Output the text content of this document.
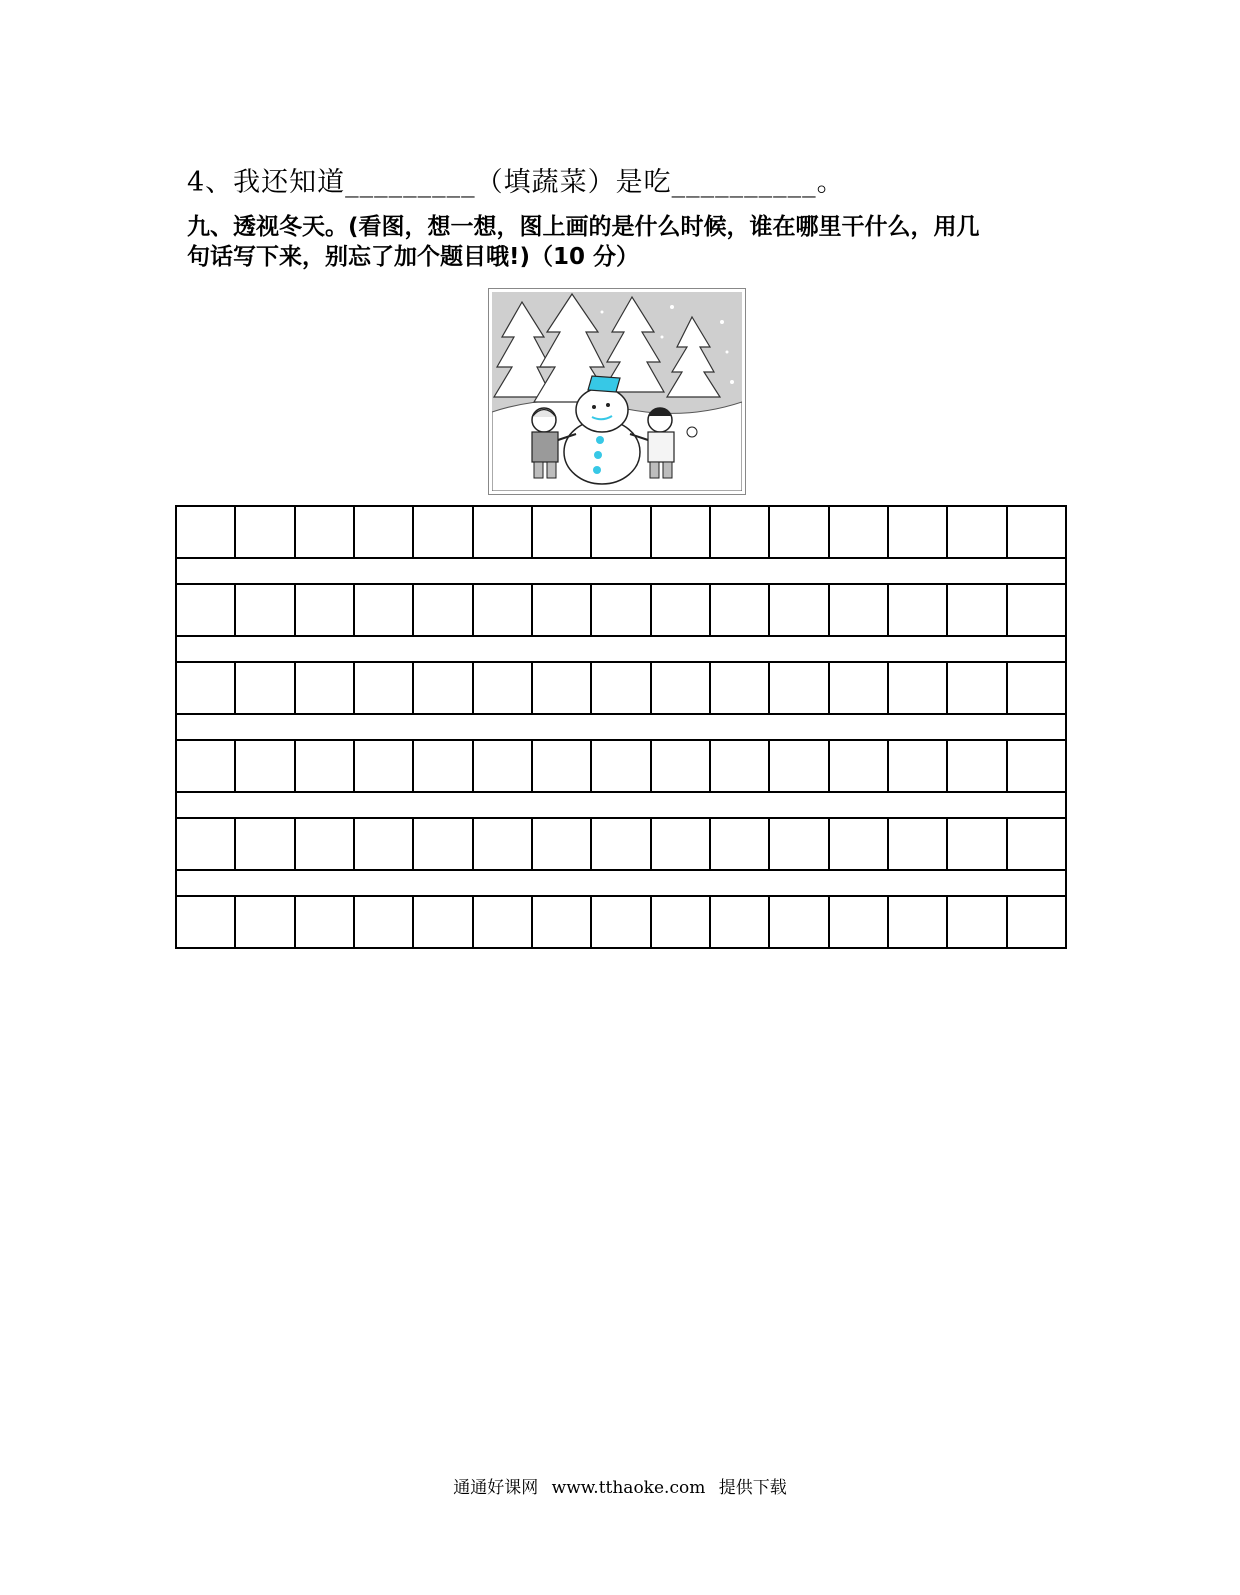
4、我还知道_________（填蔬菜）是吃__________。
九、透视冬天。(看图，想一想，图上画的是什么时候，谁在哪里干什么，用几
句话写下来，别忘了加个题目哦!)（10 分）
通通好课网 www.tthaoke.com 提供下载
